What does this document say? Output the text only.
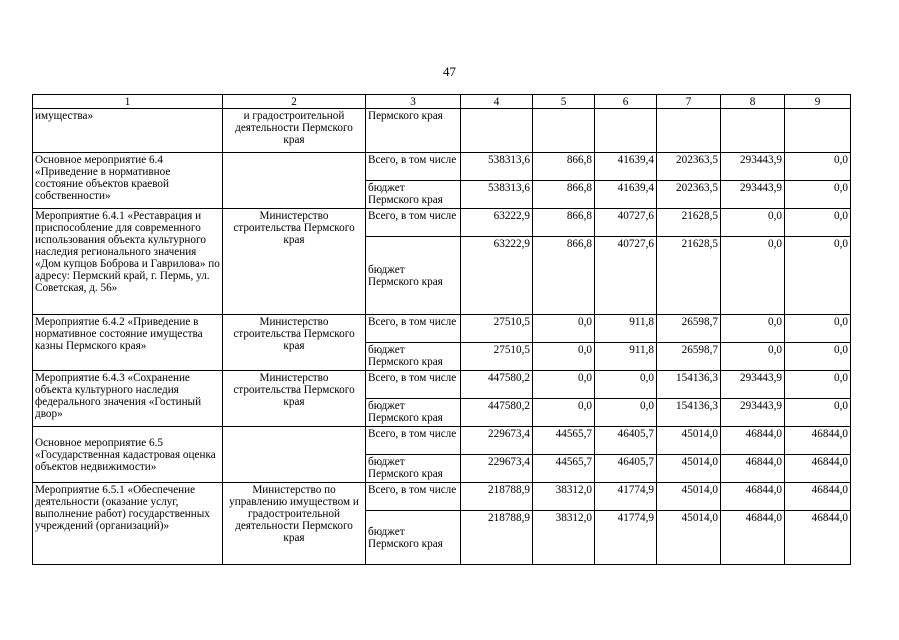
47
1	2	3	4	5	6	7	8	9
имущества»	и градостроительной деятельности Пермского края	Пермского края						
Основное мероприятие 6.4 «Приведение в нормативное состояние объектов краевой собственности»		Всего, в том числе	538313,6	866,8	41639,4	202363,5	293443,9	0,0
		бюджет Пермского края	538313,6	866,8	41639,4	202363,5	293443,9	0,0
Мероприятие 6.4.1 «Реставрация и приспособление для современного использования объекта культурного наследия регионального значения «Дом купцов Боброва и Гаврилова» по адресу: Пермский край, г. Пермь, ул. Советская, д. 56»	Министерство строительства Пермского края	Всего, в том числе	63222,9	866,8	40727,6	21628,5	0,0	0,0
		бюджет Пермского края	63222,9	866,8	40727,6	21628,5	0,0	0,0
Мероприятие 6.4.2 «Приведение в нормативное состояние имущества казны Пермского края»	Министерство строительства Пермского края	Всего, в том числе	27510,5	0,0	911,8	26598,7	0,0	0,0
		бюджет Пермского края	27510,5	0,0	911,8	26598,7	0,0	0,0
Мероприятие 6.4.3 «Сохранение объекта культурного наследия федерального значения «Гостиный двор»	Министерство строительства Пермского края	Всего, в том числе	447580,2	0,0	0,0	154136,3	293443,9	0,0
		бюджет Пермского края	447580,2	0,0	0,0	154136,3	293443,9	0,0
Основное мероприятие 6.5 «Государственная кадастровая оценка объектов недвижимости»		Всего, в том числе	229673,4	44565,7	46405,7	45014,0	46844,0	46844,0
		бюджет Пермского края	229673,4	44565,7	46405,7	45014,0	46844,0	46844,0
Мероприятие 6.5.1 «Обеспечение деятельности (оказание услуг, выполнение работ) государственных учреждений (организаций)»	Министерство по управлению имуществом и градостроительной деятельности Пермского края	Всего, в том числе	218788,9	38312,0	41774,9	45014,0	46844,0	46844,0
		бюджет Пермского края	218788,9	38312,0	41774,9	45014,0	46844,0	46844,0
